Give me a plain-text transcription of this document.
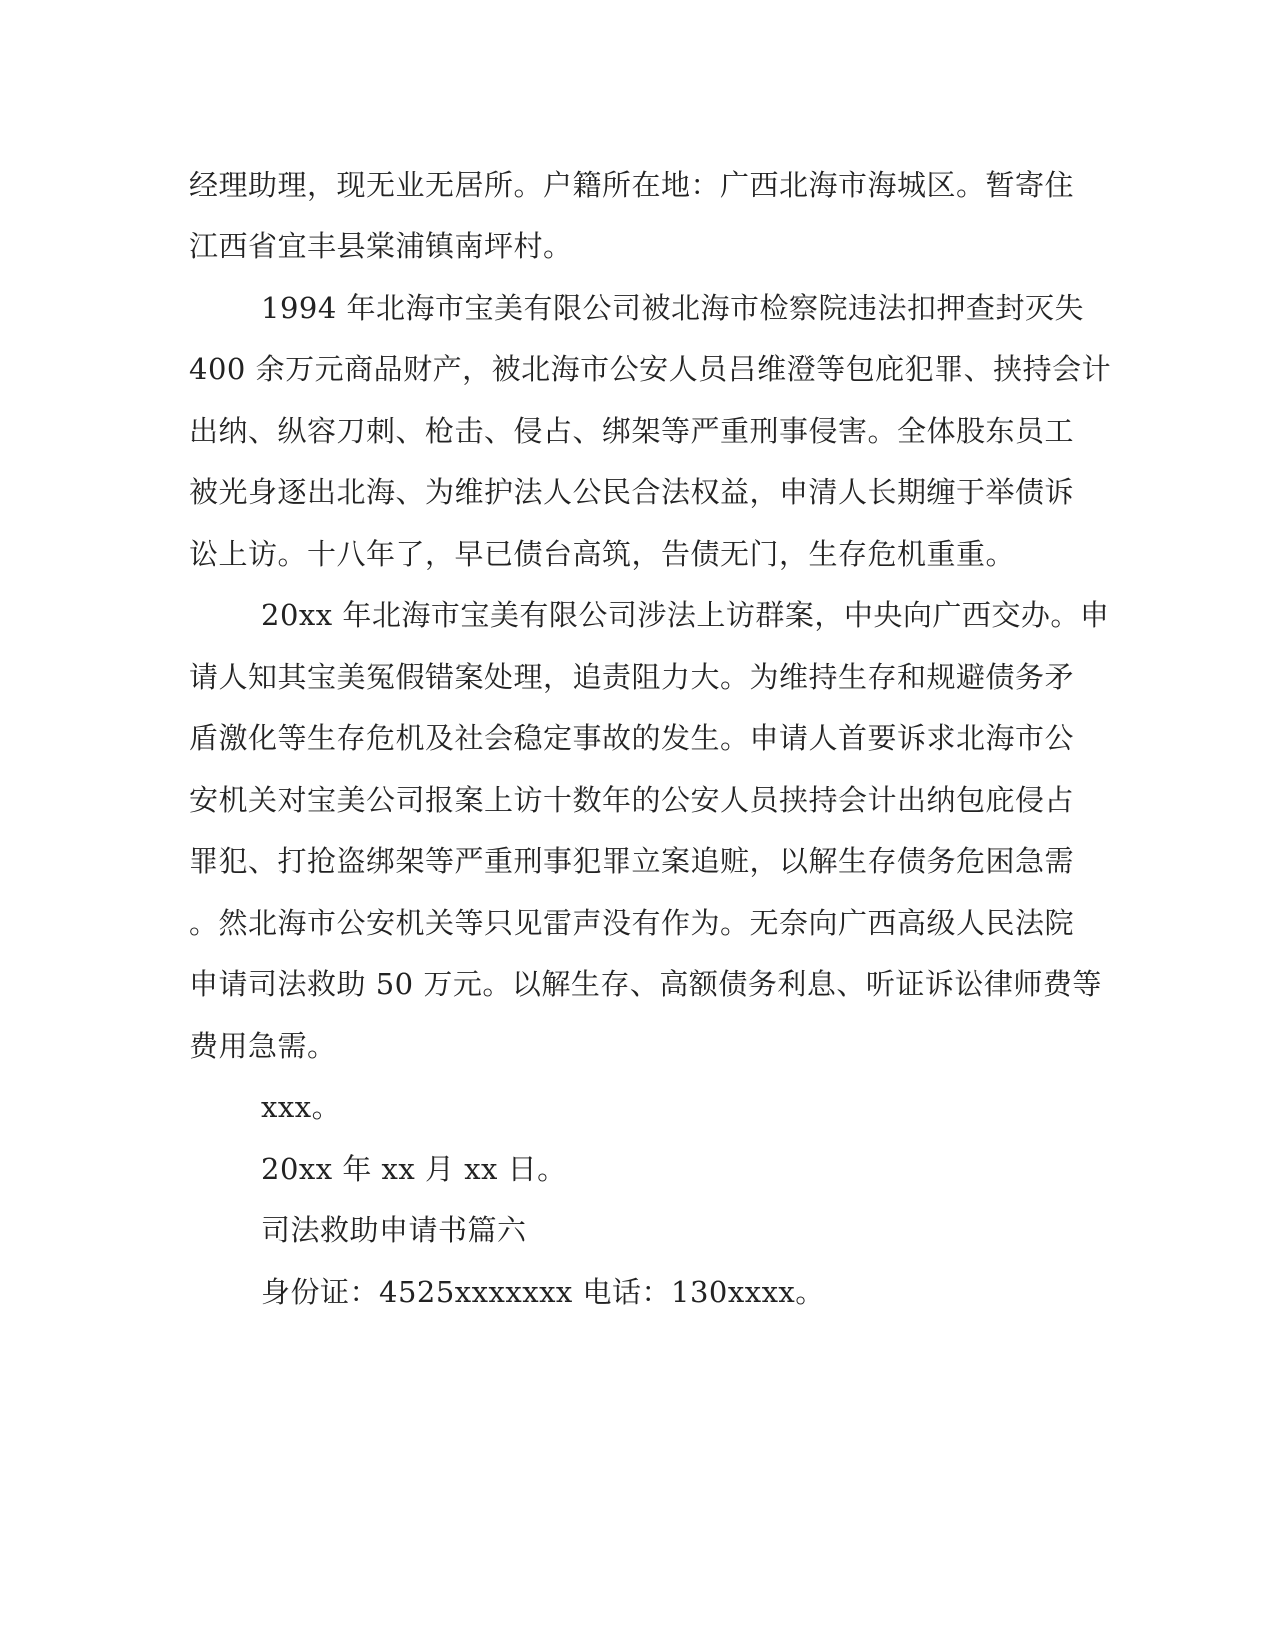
经理助理，现无业无居所。户籍所在地：广西北海市海城区。暂寄住
江西省宜丰县棠浦镇南坪村。
1994 年北海市宝美有限公司被北海市检察院违法扣押查封灭失
400 余万元商品财产，被北海市公安人员吕维澄等包庇犯罪、挟持会计
出纳、纵容刀刺、枪击、侵占、绑架等严重刑事侵害。全体股东员工
被光身逐出北海、为维护法人公民合法权益，申清人长期缠于举债诉
讼上访。十八年了，早已债台高筑，告债无门，生存危机重重。
20xx 年北海市宝美有限公司涉法上访群案，中央向广西交办。申
请人知其宝美冤假错案处理，追责阻力大。为维持生存和规避债务矛
盾激化等生存危机及社会稳定事故的发生。申请人首要诉求北海市公
安机关对宝美公司报案上访十数年的公安人员挟持会计出纳包庇侵占
罪犯、打抢盗绑架等严重刑事犯罪立案追赃，以解生存债务危困急需
。然北海市公安机关等只见雷声没有作为。无奈向广西高级人民法院
申请司法救助 50 万元。以解生存、高额债务利息、听证诉讼律师费等
费用急需。
xxx。
20xx 年 xx 月 xx 日。
司法救助申请书篇六
身份证：4525xxxxxxx 电话：130xxxx。
